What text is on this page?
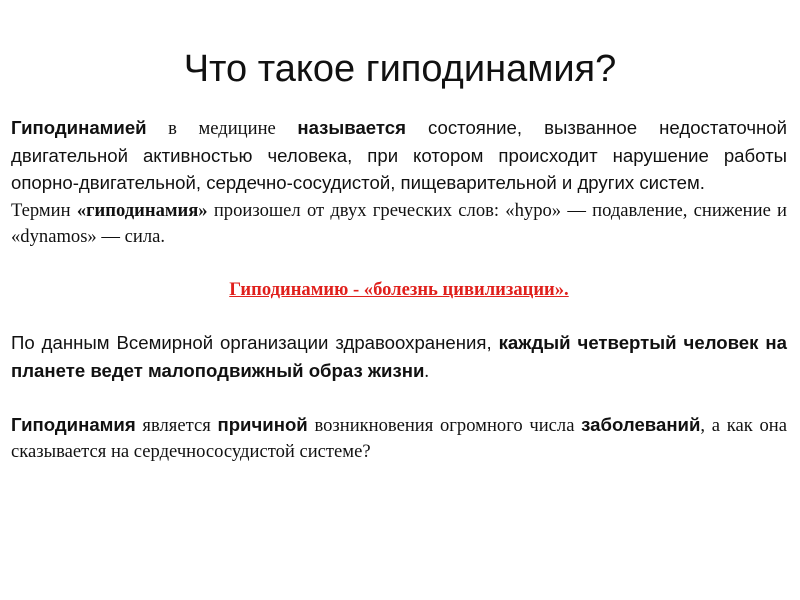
Что такое гиподинамия?

Гиподинамией в медицине называется состояние, вызванное недостаточной двигательной активностью человека, при котором происходит нарушение работы опорно-двигательной, сердечно-сосудистой, пищеварительной и других систем.

Термин «гиподинамия» произошел от двух греческих слов: «hypo» — подавление, снижение и «dynamos» — сила.

Гиподинамию - «болезнь цивилизации».

По данным Всемирной организации здравоохранения, каждый четвертый человек на планете ведет малоподвижный образ жизни.

Гиподинамия является причиной возникновения огромного числа заболеваний, а как она сказывается на сердечнососудистой системе?
